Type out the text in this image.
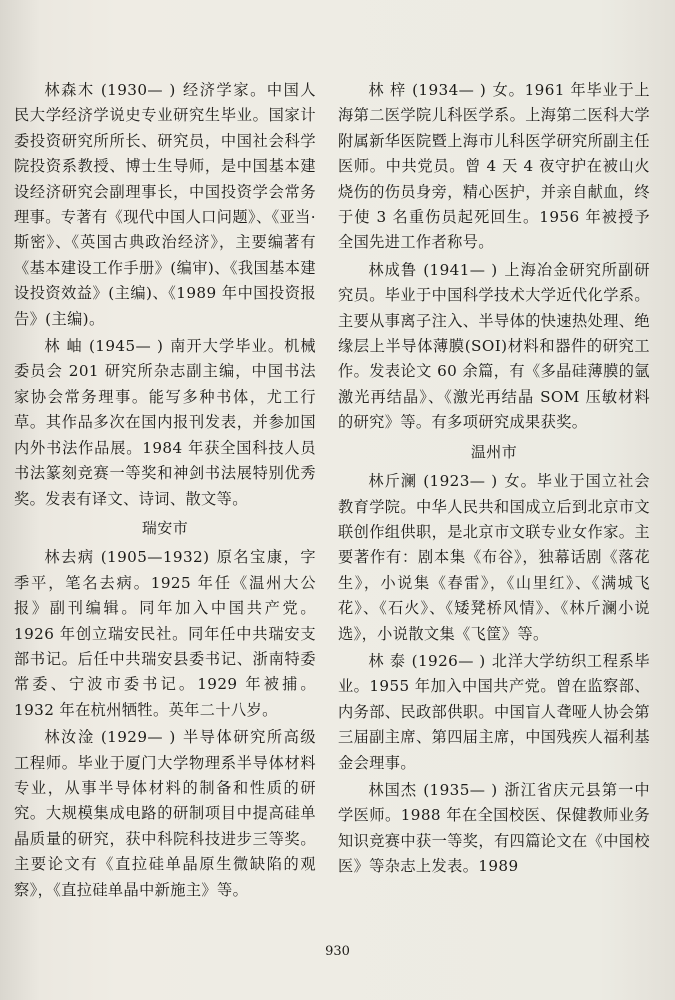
林森木 (1930— ) 经济学家。中国人民大学经济学说史专业研究生毕业。国家计委投资研究所所长、研究员，中国社会科学院投资系教授、博士生导师，是中国基本建设经济研究会副理事长，中国投资学会常务理事。专著有《现代中国人口问题》、《亚当·斯密》、《英国古典政治经济》，主要编著有《基本建设工作手册》(编审)、《我国基本建设投资效益》(主编)、《1989 年中国投资报告》(主编)。

林 岫 (1945— ) 南开大学毕业。机械委员会 201 研究所杂志副主编，中国书法家协会常务理事。能写多种书体，尤工行草。其作品多次在国内报刊发表，并参加国内外书法作品展。1984 年获全国科技人员书法篆刻竞赛一等奖和神剑书法展特别优秀奖。发表有译文、诗词、散文等。

瑞安市

林去病 (1905—1932) 原名宝康，字季平，笔名去病。1925 年任《温州大公报》副刊编辑。同年加入中国共产党。1926 年创立瑞安民社。同年任中共瑞安支部书记。后任中共瑞安县委书记、浙南特委常委、宁波市委书记。1929 年被捕。1932 年在杭州牺牲。英年二十八岁。

林汝淦 (1929— ) 半导体研究所高级工程师。毕业于厦门大学物理系半导体材料专业，从事半导体材料的制备和性质的研究。大规模集成电路的研制项目中提高硅单晶质量的研究，获中科院科技进步三等奖。主要论文有《直拉硅单晶原生微缺陷的观察》，《直拉硅单晶中新施主》等。

林 梓 (1934— ) 女。1961 年毕业于上海第二医学院儿科医学系。上海第二医科大学附属新华医院暨上海市儿科医学研究所副主任医师。中共党员。曾 4 天 4 夜守护在被山火烧伤的伤员身旁，精心医护，并亲自献血，终于使 3 名重伤员起死回生。1956 年被授予全国先进工作者称号。

林成鲁 (1941— ) 上海冶金研究所副研究员。毕业于中国科学技术大学近代化学系。主要从事离子注入、半导体的快速热处理、绝缘层上半导体薄膜(SOI)材料和器件的研究工作。发表论文 60 余篇，有《多晶硅薄膜的氩激光再结晶》、《激光再结晶 SOM 压敏材料的研究》等。有多项研究成果获奖。

温州市

林斤澜 (1923— ) 女。毕业于国立社会教育学院。中华人民共和国成立后到北京市文联创作组供职，是北京市文联专业女作家。主要著作有：剧本集《布谷》，独幕话剧《落花生》，小说集《春雷》，《山里红》、《满城飞花》、《石火》、《矮凳桥风情》、《林斤澜小说选》，小说散文集《飞筐》等。

林 泰 (1926— ) 北洋大学纺织工程系毕业。1955 年加入中国共产党。曾在监察部、内务部、民政部供职。中国盲人聋哑人协会第三届副主席、第四届主席，中国残疾人福利基金会理事。

林国杰 (1935— ) 浙江省庆元县第一中学医师。1988 年在全国校医、保健教师业务知识竞赛中获一等奖，有四篇论文在《中国校医》等杂志上发表。1989

930
